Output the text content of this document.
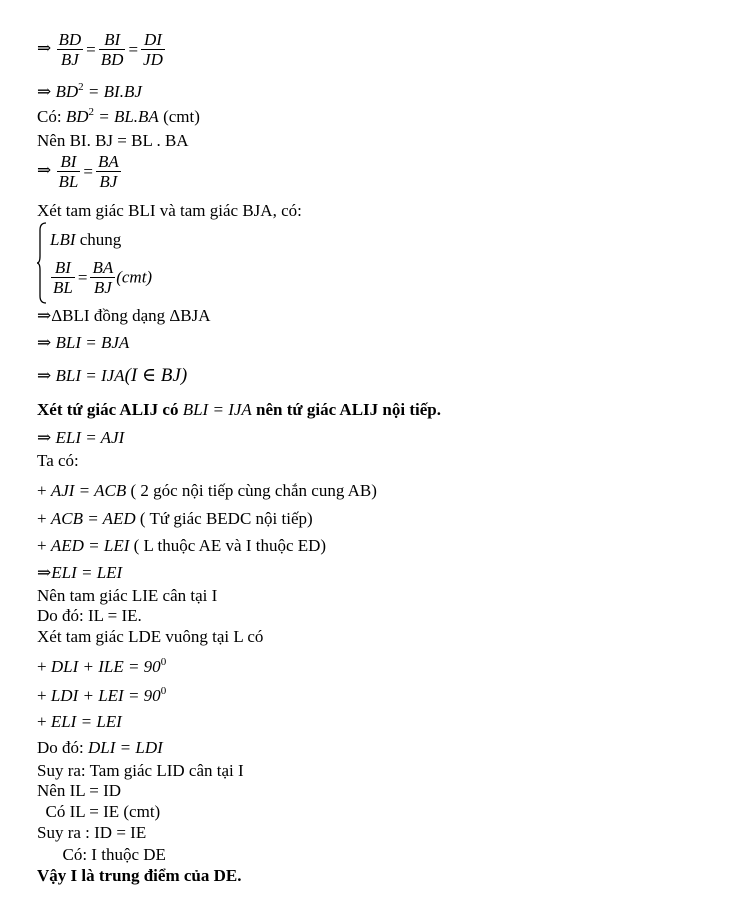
⇒ $\frac{BD}{BJ} = \frac{BI}{BD} = \frac{DI}{JD}$
⇒ $BD^2 = BI.BJ$
Có: $BD^2 = BL.BA$ (cmt)
Nên BI. BJ = BL . BA
⇒ $\frac{BI}{BL} = \frac{BA}{BJ}$
Xét tam giác BLI và tam giác BJA, có:
LBI chung
$\frac{BI}{BL} = \frac{BA}{BJ} (cmt)$
⇒ΔBLI đồng dạng ΔBJA
⇒ BLI = BJA
⇒ BLI = IJA(I ∈ BJ)
Xét tứ giác ALIJ có BLI = IJA nên tứ giác ALIJ nội tiếp.
⇒ ELI = AJI
Ta có:
+ AJI = ACB ( 2 góc nội tiếp cùng chắn cung AB)
+ ACB = AED ( Tứ giác BEDC nội tiếp)
+ AED = LEI ( L thuộc AE và I thuộc ED)
⇒ELI = LEI
Nên tam giác LIE cân tại I
Do đó: IL = IE.
Xét tam giác LDE vuông tại L có
+ DLI + ILE = $90^0$
+ LDI + LEI = $90^0$
+ ELI = LEI
Do đó: DLI = LDI
Suy ra: Tam giác LID cân tại I
Nên IL = ID
Có IL = IE (cmt)
Suy ra : ID = IE
Có: I thuộc DE
Vậy I là trung điểm của DE.
